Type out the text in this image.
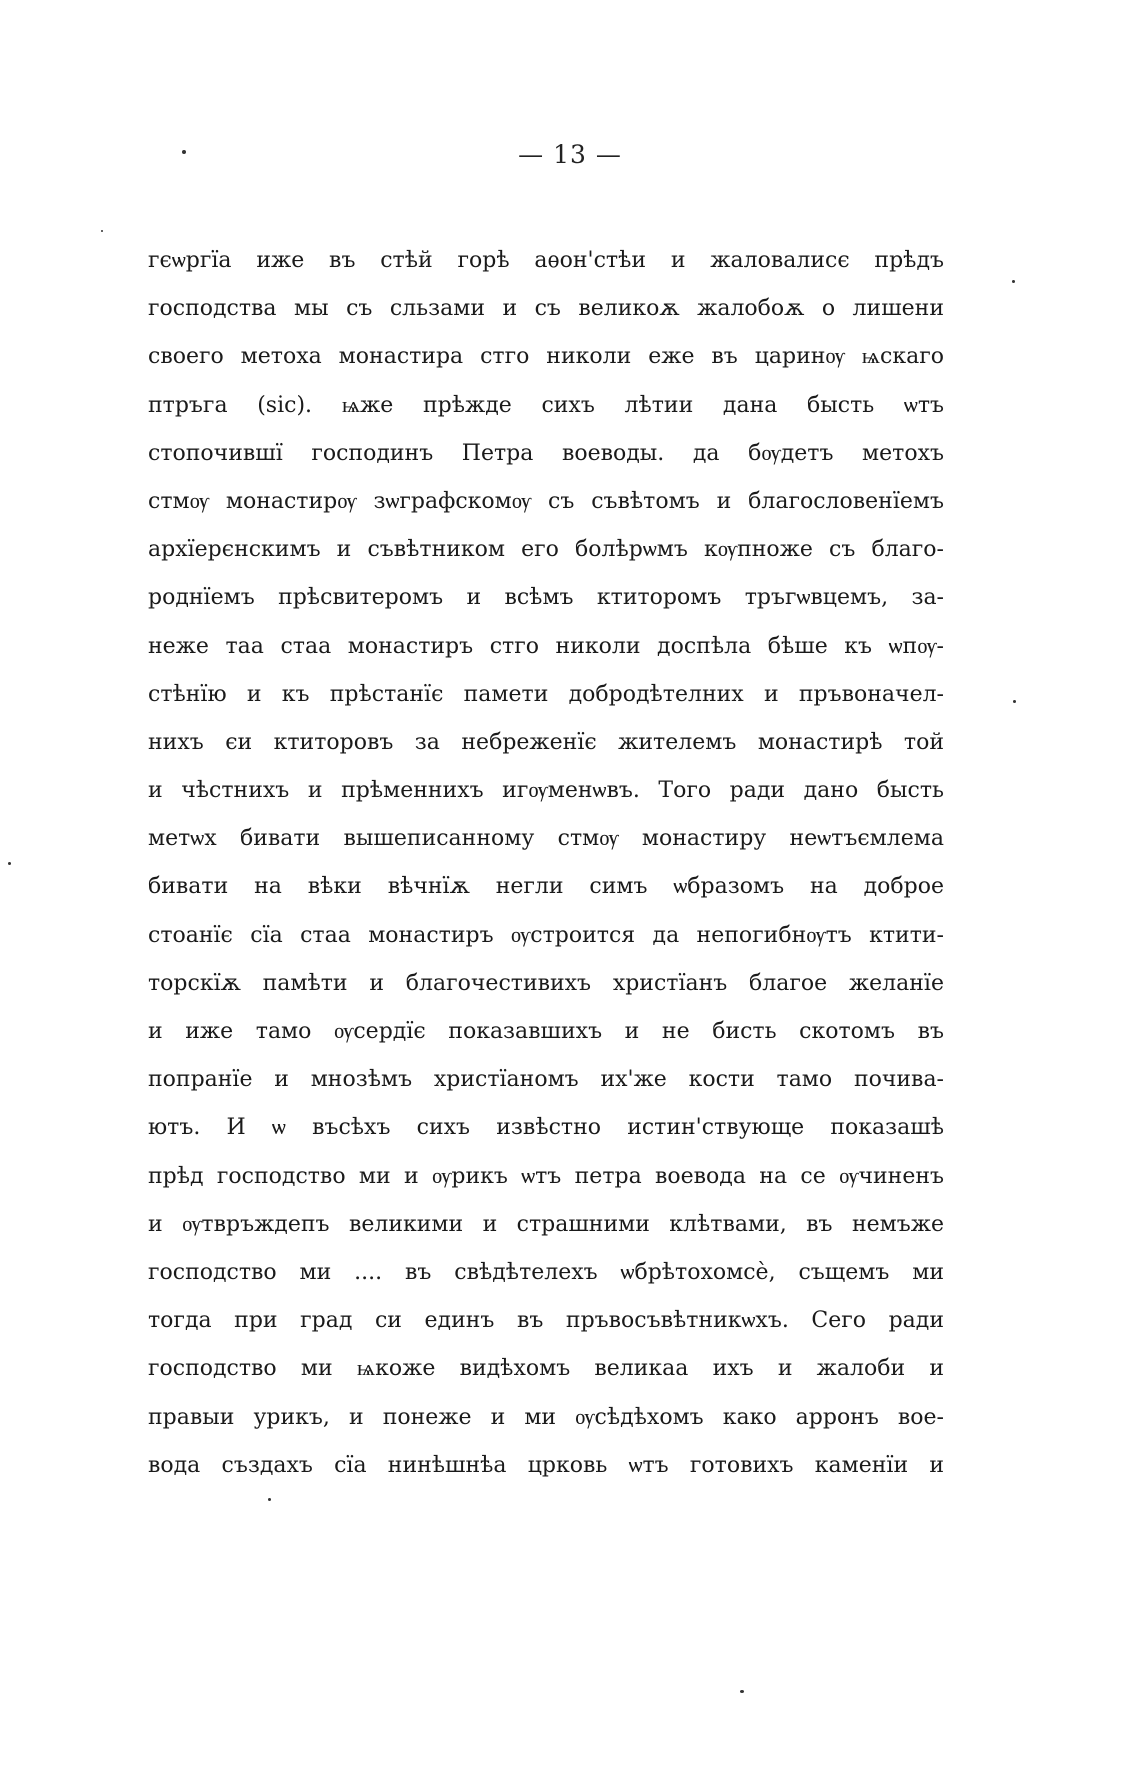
— 13 —
гєѡргїа иже въ стѣй горѣ аѳон'стѣи и жаловалисє прѣдъ
господства мы съ сльзами и съ великоѫ жалобоѫ о лишени
своего метоха монастира стго николи еже въ царинѹ ѩскаго
птръга (sic). ѩже прѣжде сихъ лѣтии дана бысть ѡтъ
стопочившї господинъ Петра воеводы. да бѹдетъ метохъ
стмѹ монастирѹ зѡграфскомѹ съ съвѣтомъ и благословенїемъ
архїерєнскимъ и съвѣтником его болѣрѡмъ кѹпноже съ благо-
роднїемъ прѣсвитеромъ и всѣмъ ктиторомъ тръгѡвцемъ, за-
неже таа стаа монастиръ стго николи доспѣла бѣше къ ѡпѹ-
стѣнїю и къ прѣстанїє памети добродѣтелних и пръвоначел-
нихъ єи ктиторовъ за небреженїє жителемъ монастирѣ той
и чѣстнихъ и прѣменнихъ игѹменѡвъ. Того ради дано бысть
метѡх бивати вышеписанному стмѹ монастиру неѡтъємлема
бивати на вѣки вѣчнїѫ негли симъ ѡбразомъ на доброе
стоанїє сїа стаа монастиръ ѹстроится да непогибнѹтъ ктити-
торскїѫ памѣти и благочестивихъ христїанъ благое желанїе
и иже тамо ѹсердїє показавшихъ и не бисть скотомъ въ
попранїе и мнозѣмъ христїаномъ их'же кости тамо почива-
ютъ. И ѡ въсѣхъ сихъ извѣстно истин'ствующе показашѣ
прѣд господство ми и ѹрикъ ѡтъ петра воевода на се ѹчиненъ
и ѹтвръждепъ великими и страшними клѣтвами, въ немъже
господство ми .... въ свѣдѣтелехъ ѡбрѣтохомсѐ, същемъ ми
тогда при град си единъ въ пръвосъвѣтникѡхъ. Сего ради
господство ми ѩкоже видѣхомъ великаа ихъ и жалоби и
правыи урикъ, и понеже и ми ѹсѣдѣхомъ како арронъ вое-
вода създахъ сїа нинѣшнѣа црковь ѡтъ готовихъ каменїи и
